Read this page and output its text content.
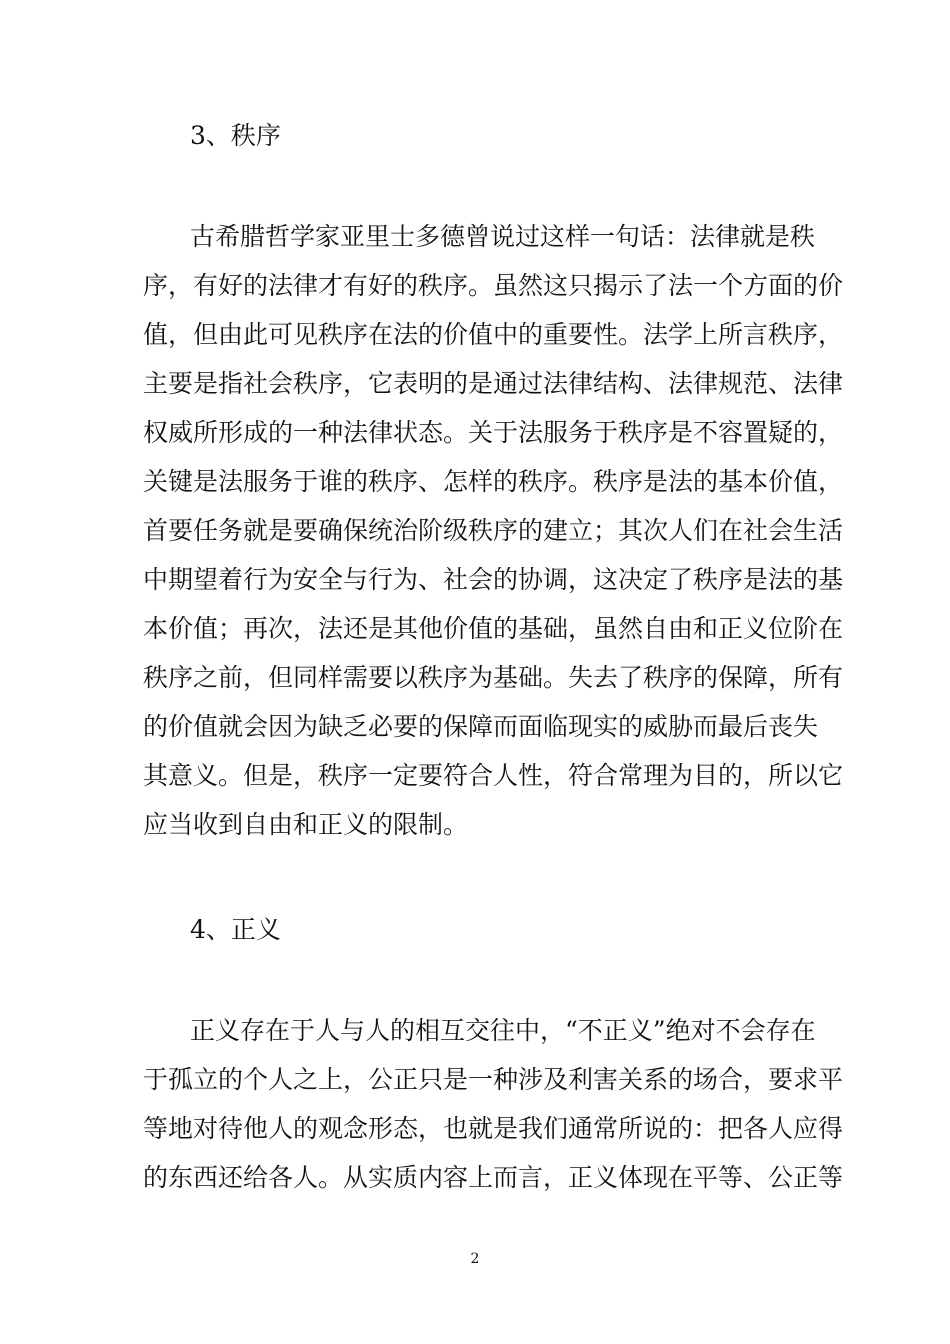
3、秩序
古希腊哲学家亚里士多德曾说过这样一句话：法律就是秩
序，有好的法律才有好的秩序。虽然这只揭示了法一个方面的价
值，但由此可见秩序在法的价值中的重要性。法学上所言秩序，
主要是指社会秩序，它表明的是通过法律结构、法律规范、法律
权威所形成的一种法律状态。关于法服务于秩序是不容置疑的，
关键是法服务于谁的秩序、怎样的秩序。秩序是法的基本价值，
首要任务就是要确保统治阶级秩序的建立；其次人们在社会生活
中期望着行为安全与行为、社会的协调，这决定了秩序是法的基
本价值；再次，法还是其他价值的基础，虽然自由和正义位阶在
秩序之前，但同样需要以秩序为基础。失去了秩序的保障，所有
的价值就会因为缺乏必要的保障而面临现实的威胁而最后丧失
其意义。但是，秩序一定要符合人性，符合常理为目的，所以它
应当收到自由和正义的限制。
4、正义
正义存在于人与人的相互交往中，“不正义”绝对不会存在
于孤立的个人之上，公正只是一种涉及利害关系的场合，要求平
等地对待他人的观念形态，也就是我们通常所说的：把各人应得
的东西还给各人。从实质内容上而言，正义体现在平等、公正等
2
